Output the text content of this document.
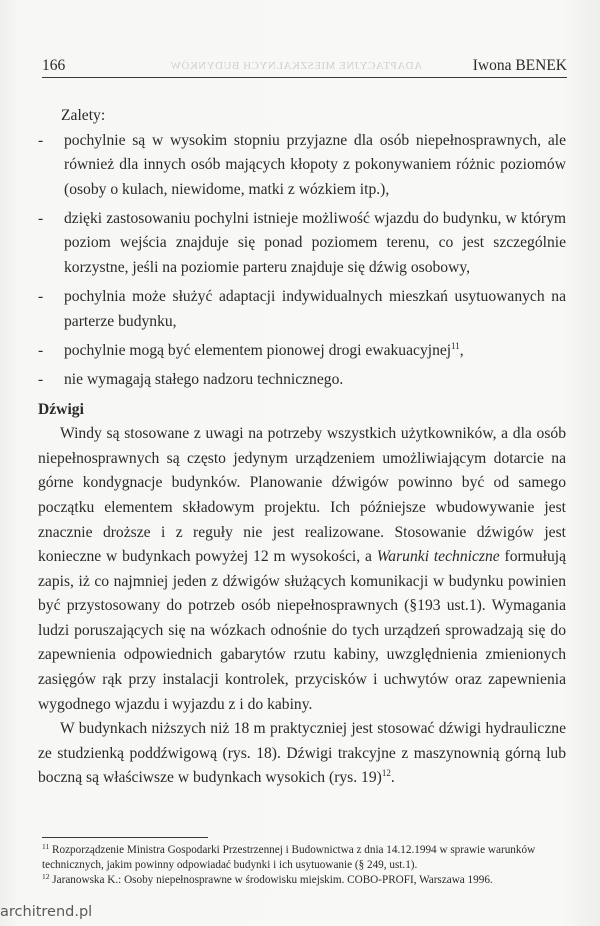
ADAPTACYJNE MIESZKALNYCH BUDYNKÓW
166	Iwona BENEK

Zalety:

- pochylnie są w wysokim stopniu przyjazne dla osób niepełnosprawnych, ale również dla innych osób mających kłopoty z pokonywaniem różnic poziomów (osoby o kulach, niewidome, matki z wózkiem itp.),

- dzięki zastosowaniu pochylni istnieje możliwość wjazdu do budynku, w którym poziom wejścia znajduje się ponad poziomem terenu, co jest szczególnie korzystne, jeśli na poziomie parteru znajduje się dźwig osobowy,

- pochylnia może służyć adaptacji indywidualnych mieszkań usytuowanych na parterze budynku,

- pochylnie mogą być elementem pionowej drogi ewakuacyjnej$^{11}$,

- nie wymagają stałego nadzoru technicznego.

Dźwigi

Windy są stosowane z uwagi na potrzeby wszystkich użytkowników, a dla osób niepełnosprawnych są często jedynym urządzeniem umożliwiającym dotarcie na górne kondygnacje budynków. Planowanie dźwigów powinno być od samego początku elementem składowym projektu. Ich późniejsze wbudowywanie jest znacznie droższe i z reguły nie jest realizowane. Stosowanie dźwigów jest konieczne w budynkach powyżej 12 m wysokości, a Warunki techniczne formułują zapis, iż co najmniej jeden z dźwigów służących komunikacji w budynku powinien być przystosowany do potrzeb osób niepełnosprawnych (§193 ust.1). Wymagania ludzi poruszających się na wózkach odnośnie do tych urządzeń sprowadzają się do zapewnienia odpowiednich gabarytów rzutu kabiny, uwzględnienia zmienionych zasięgów rąk przy instalacji kontrolek, przycisków i uchwytów oraz zapewnienia wygodnego wjazdu i wyjazdu z i do kabiny.

W budynkach niższych niż 18 m praktyczniej jest stosować dźwigi hydrauliczne ze studzienką poddźwigową (rys. 18). Dźwigi trakcyjne z maszynownią górną lub boczną są właściwsze w budynkach wysokich (rys. 19)$^{12}$.

$^{11}$ Rozporządzenie Ministra Gospodarki Przestrzennej i Budownictwa z dnia 14.12.1994 w sprawie warunków technicznych, jakim powinny odpowiadać budynki i ich usytuowanie (§ 249, ust.1).

$^{12}$ Jaranowska K.: Osoby niepełnosprawne w środowisku miejskim. COBO-PROFI, Warszawa 1996.

architrend.pl
